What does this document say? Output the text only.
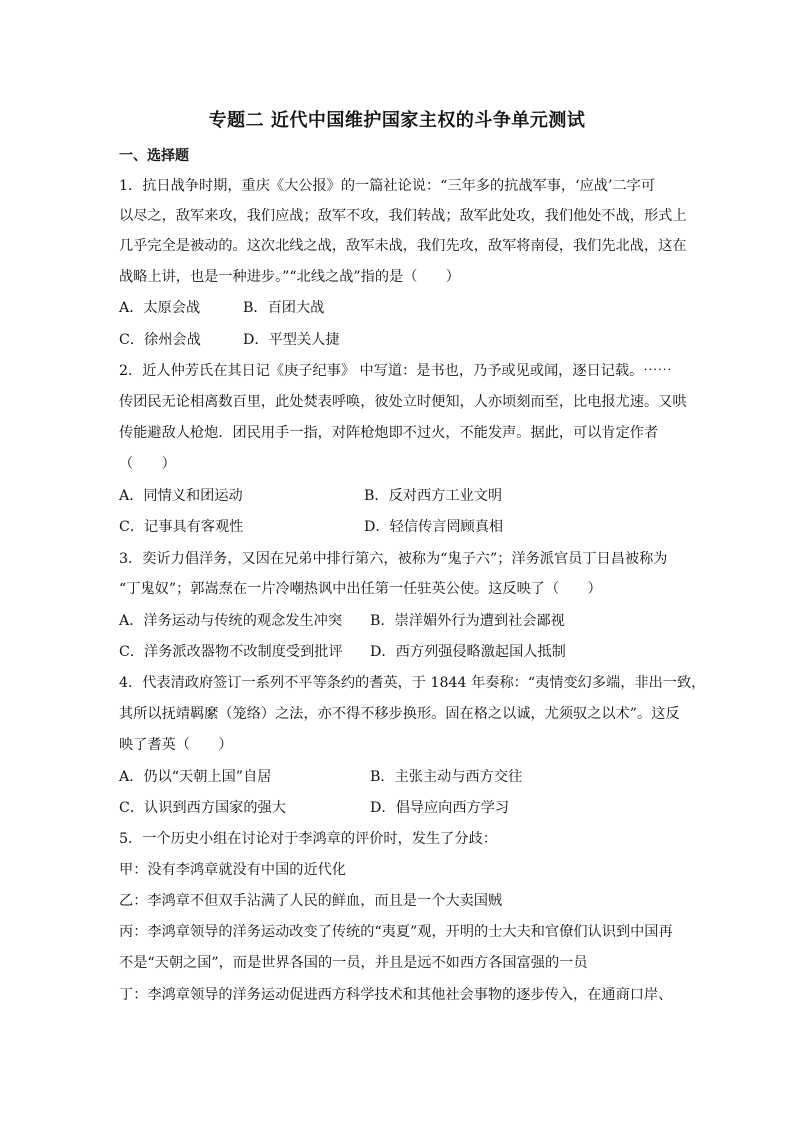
专题二 近代中国维护国家主权的斗争单元测试
一、选择题
1．抗日战争时期，重庆《大公报》的一篇社论说：“三年多的抗战军事，‘应战’二字可
以尽之，敌军来攻，我们应战；敌军不攻，我们转战；敌军此处攻，我们他处不战，形式上
几乎完全是被动的。这次北线之战，敌军未战，我们先攻，敌军将南侵，我们先北战，这在
战略上讲，也是一种进步。”“北线之战”指的是（　　）
A．太原会战	B．百团大战
C．徐州会战	D．平型关人捷
2．近人仲芳氏在其日记《庚子纪事》 中写道：是书也，乃予或见或闻，逐日记载。⋯⋯
传团民无论相离数百里，此处焚表呼唤，彼处立时便知，人亦顷刻而至，比电报尤速。又哄
传能避敌人枪炮．团民用手一指，对阵枪炮即不过火，不能发声。据此，可以肯定作者
（　　）
A．同情义和团运动	B．反对西方工业文明
C．记事具有客观性	D．轻信传言罔顾真相
3．奕䜣力倡洋务，又因在兄弟中排行第六，被称为“鬼子六”；洋务派官员丁日昌被称为
“丁鬼奴”；郭嵩焘在一片冷嘲热讽中出任第一任驻英公使。这反映了（　　）
A．洋务运动与传统的观念发生冲突 B．崇洋媚外行为遭到社会鄙视
C．洋务派改器物不改制度受到批评 D．西方列强侵略激起国人抵制
4．代表清政府签订一系列不平等条约的耆英，于 1844 年奏称：“夷情变幻多端，非出一致，
其所以抚靖羁縻（笼络）之法，亦不得不移步换形。固在格之以诚，尤须驭之以术”。这反
映了耆英（　　）
A．仍以“天朝上国”自居	B．主张主动与西方交往
C．认识到西方国家的强大	D．倡导应向西方学习
5．一个历史小组在讨论对于李鸿章的评价时，发生了分歧：
甲：没有李鸿章就没有中国的近代化
乙：李鸿章不但双手沾满了人民的鲜血，而且是一个大卖国贼
丙：李鸿章领导的洋务运动改变了传统的“夷夏”观，开明的士大夫和官僚们认识到中国再
不是“天朝之国”，而是世界各国的一员，并且是远不如西方各国富强的一员
丁：李鸿章领导的洋务运动促进西方科学技术和其他社会事物的逐步传入，在通商口岸、
